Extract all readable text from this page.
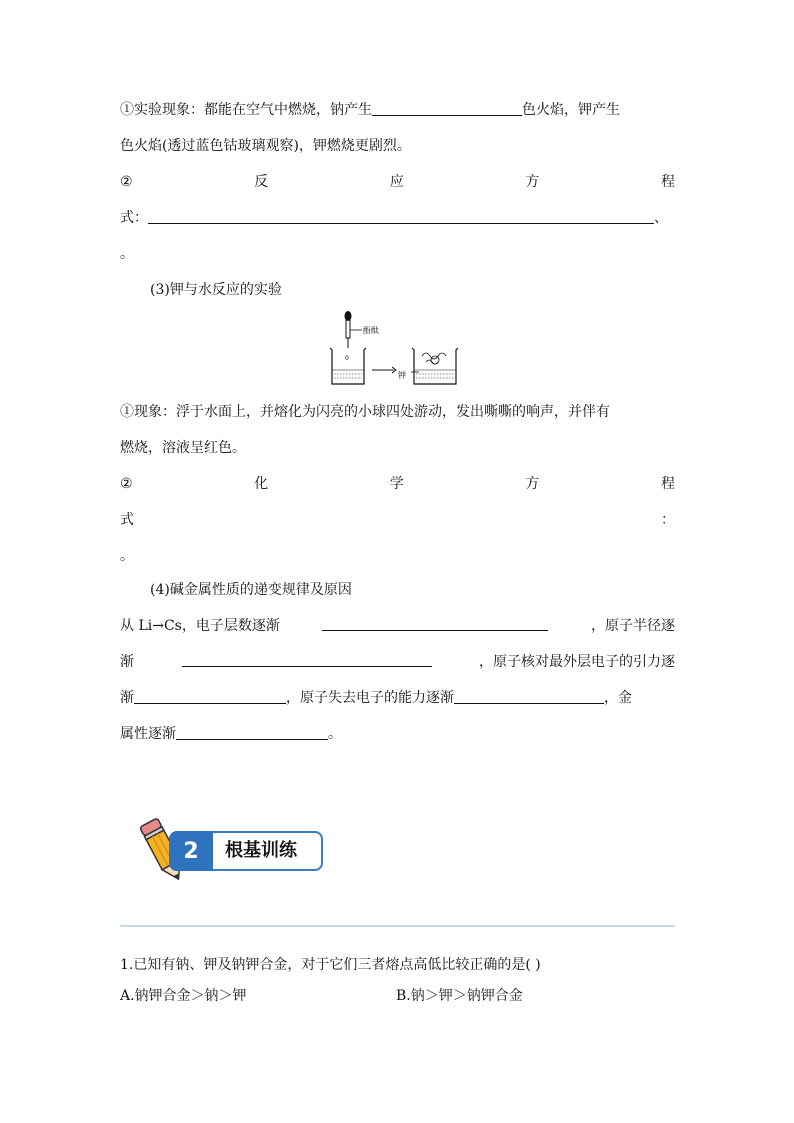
①实验现象：都能在空气中燃烧，钠产生	色火焰，钾产生
色火焰(透过蓝色钴玻璃观察)，钾燃烧更剧烈。
②	反	应	方	程
式：	、
。
(3)钾与水反应的实验
酚酞
0
钾
①现象：浮于水面上，并熔化为闪亮的小球四处游动，发出嘶嘶的响声，并伴有
燃烧，溶液呈红色。
②	化	学	方	程
式	：
。
(4)碱金属性质的递变规律及原因
从 Li→Cs，电子层数逐渐	，原子半径逐
渐	，原子核对最外层电子的引力逐
渐	，原子失去电子的能力逐渐	，金
属性逐渐	。
2	根基训练
1.已知有钠、钾及钠钾合金，对于它们三者熔点高低比较正确的是( )
A.钠钾合金＞钠＞钾	B.钠＞钾＞钠钾合金
